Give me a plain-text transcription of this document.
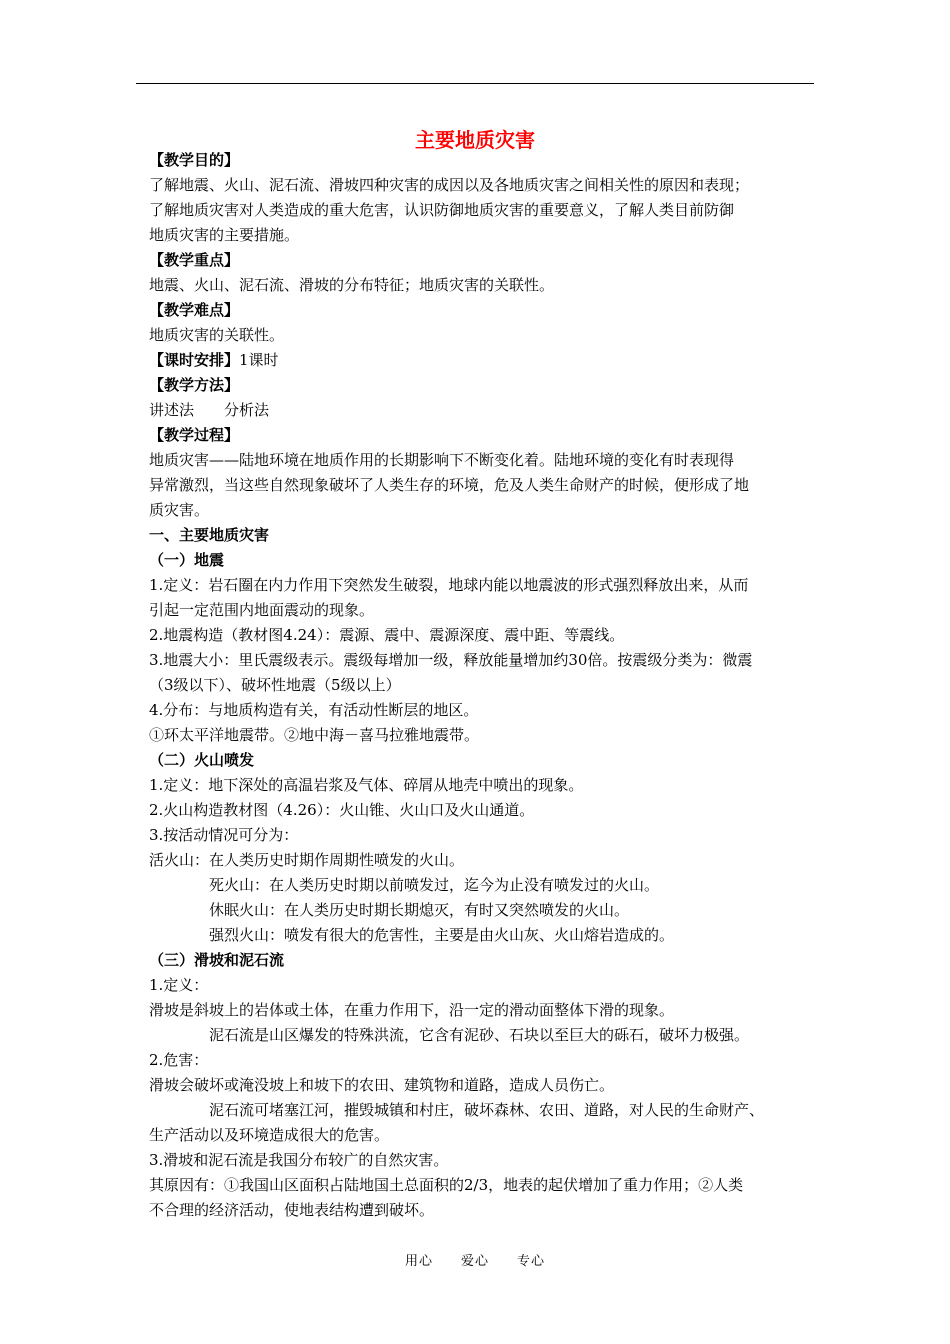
主要地质灾害
【教学目的】
了解地震、火山、泥石流、滑坡四种灾害的成因以及各地质灾害之间相关性的原因和表现；
了解地质灾害对人类造成的重大危害，认识防御地质灾害的重要意义，了解人类目前防御
地质灾害的主要措施。
【教学重点】
地震、火山、泥石流、滑坡的分布特征；地质灾害的关联性。
【教学难点】
地质灾害的关联性。
【课时安排】1课时
【教学方法】
讲述法　　分析法
【教学过程】
地质灾害——陆地环境在地质作用的长期影响下不断变化着。陆地环境的变化有时表现得
异常激烈，当这些自然现象破坏了人类生存的环境，危及人类生命财产的时候，便形成了地
质灾害。
一、主要地质灾害
（一）地震
1.定义：岩石圈在内力作用下突然发生破裂，地球内能以地震波的形式强烈释放出来，从而
引起一定范围内地面震动的现象。
2.地震构造（教材图4.24）：震源、震中、震源深度、震中距、等震线。
3.地震大小：里氏震级表示。震级每增加一级，释放能量增加约30倍。按震级分类为：微震
（3级以下）、破坏性地震（5级以上）
4.分布：与地质构造有关，有活动性断层的地区。
①环太平洋地震带。②地中海－喜马拉雅地震带。
（二）火山喷发
1.定义：地下深处的高温岩浆及气体、碎屑从地壳中喷出的现象。
2.火山构造教材图（4.26）：火山锥、火山口及火山通道。
3.按活动情况可分为：
活火山：在人类历史时期作周期性喷发的火山。
死火山：在人类历史时期以前喷发过，迄今为止没有喷发过的火山。
休眠火山：在人类历史时期长期熄灭，有时又突然喷发的火山。
强烈火山：喷发有很大的危害性，主要是由火山灰、火山熔岩造成的。
（三）滑坡和泥石流
1.定义：
滑坡是斜坡上的岩体或土体，在重力作用下，沿一定的滑动面整体下滑的现象。
泥石流是山区爆发的特殊洪流，它含有泥砂、石块以至巨大的砾石，破坏力极强。
2.危害：
滑坡会破坏或淹没坡上和坡下的农田、建筑物和道路，造成人员伤亡。
泥石流可堵塞江河，摧毁城镇和村庄，破坏森林、农田、道路，对人民的生命财产、
生产活动以及环境造成很大的危害。
3.滑坡和泥石流是我国分布较广的自然灾害。
其原因有：①我国山区面积占陆地国土总面积的2/3，地表的起伏增加了重力作用；②人类
不合理的经济活动，使地表结构遭到破坏。
用心　　爱心　　专心
